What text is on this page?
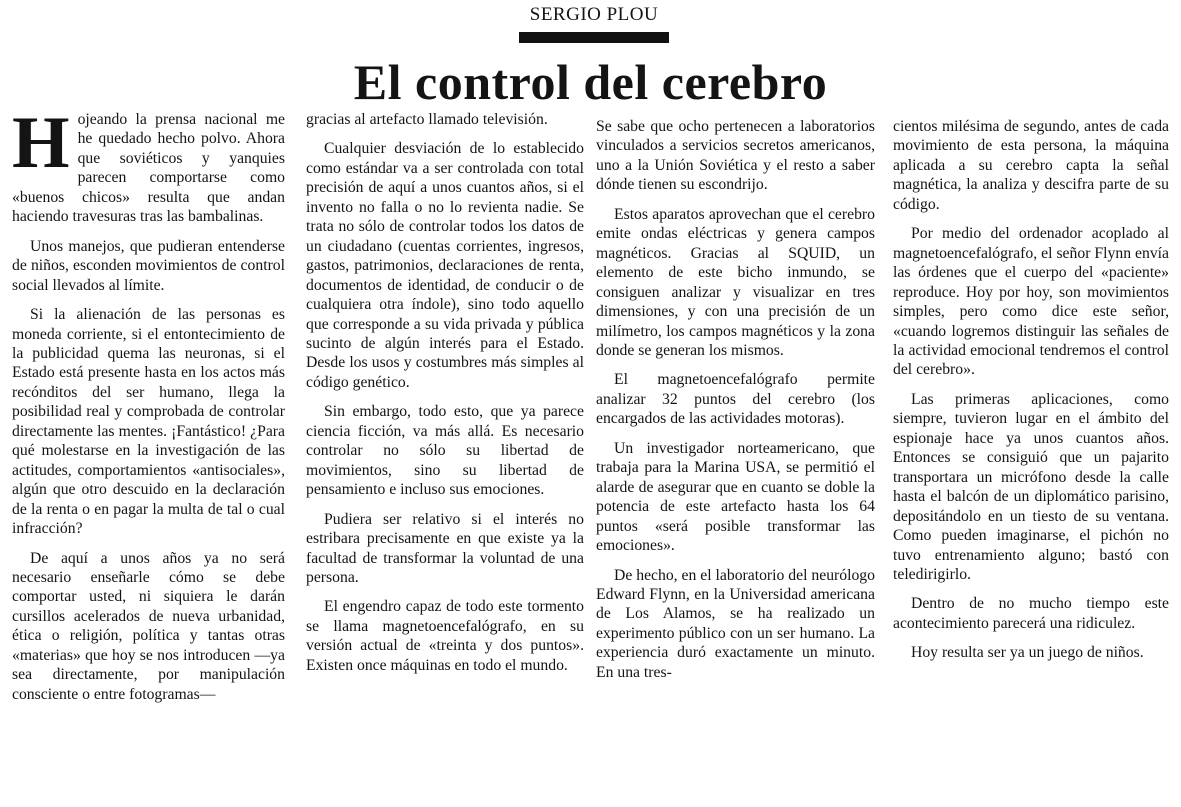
SERGIO PLOU
El control del cerebro

Hojeando la prensa nacional me he quedado hecho polvo. Ahora que soviéticos y yanquies parecen comportarse como «buenos chicos» resulta que andan haciendo travesuras tras las bambalinas.

Unos manejos, que pudieran entenderse de niños, esconden movimientos de control social llevados al límite.

Si la alienación de las personas es moneda corriente, si el entontecimiento de la publicidad quema las neuronas, si el Estado está presente hasta en los actos más recónditos del ser humano, llega la posibilidad real y comprobada de controlar directamente las mentes. ¡Fantástico! ¿Para qué molestarse en la investigación de las actitudes, comportamientos «antisociales», algún que otro descuido en la declaración de la renta o en pagar la multa de tal o cual infracción?

De aquí a unos años ya no será necesario enseñarle cómo se debe comportar usted, ni siquiera le darán cursillos acelerados de nueva urbanidad, ética o religión, política y tantas otras «materias» que hoy se nos introducen —ya sea directamente, por manipulación consciente o entre fotogramas—

gracias al artefacto llamado televisión.

Cualquier desviación de lo establecido como estándar va a ser controlada con total precisión de aquí a unos cuantos años, si el invento no falla o no lo revienta nadie. Se trata no sólo de controlar todos los datos de un ciudadano (cuentas corrientes, ingresos, gastos, patrimonios, declaraciones de renta, documentos de identidad, de conducir o de cualquiera otra índole), sino todo aquello que corresponde a su vida privada y pública sucinto de algún interés para el Estado. Desde los usos y costumbres más simples al código genético.

Sin embargo, todo esto, que ya parece ciencia ficción, va más allá. Es necesario controlar no sólo su libertad de movimientos, sino su libertad de pensamiento e incluso sus emociones.

Pudiera ser relativo si el interés no estribara precisamente en que existe ya la facultad de transformar la voluntad de una persona.

El engendro capaz de todo este tormento se llama magnetoencefalógrafo, en su versión actual de «treinta y dos puntos». Existen once máquinas en todo el mundo.

Se sabe que ocho pertenecen a laboratorios vinculados a servicios secretos americanos, uno a la Unión Soviética y el resto a saber dónde tienen su escondrijo.

Estos aparatos aprovechan que el cerebro emite ondas eléctricas y genera campos magnéticos. Gracias al SQUID, un elemento de este bicho inmundo, se consiguen analizar y visualizar en tres dimensiones, y con una precisión de un milímetro, los campos magnéticos y la zona donde se generan los mismos.

El magnetoencefalógrafo permite analizar 32 puntos del cerebro (los encargados de las actividades motoras).

Un investigador norteamericano, que trabaja para la Marina USA, se permitió el alarde de asegurar que en cuanto se doble la potencia de este artefacto hasta los 64 puntos «será posible transformar las emociones».

De hecho, en el laboratorio del neurólogo Edward Flynn, en la Universidad americana de Los Alamos, se ha realizado un experimento público con un ser humano. La experiencia duró exactamente un minuto. En una tres-

cientos milésima de segundo, antes de cada movimiento de esta persona, la máquina aplicada a su cerebro capta la señal magnética, la analiza y descifra parte de su código.

Por medio del ordenador acoplado al magnetoencefalógrafo, el señor Flynn envía las órdenes que el cuerpo del «paciente» reproduce. Hoy por hoy, son movimientos simples, pero como dice este señor, «cuando logremos distinguir las señales de la actividad emocional tendremos el control del cerebro».

Las primeras aplicaciones, como siempre, tuvieron lugar en el ámbito del espionaje hace ya unos cuantos años. Entonces se consiguió que un pajarito transportara un micrófono desde la calle hasta el balcón de un diplomático parisino, depositándolo en un tiesto de su ventana. Como pueden imaginarse, el pichón no tuvo entrenamiento alguno; bastó con teledirigirlo.

Dentro de no mucho tiempo este acontecimiento parecerá una ridiculez.

Hoy resulta ser ya un juego de niños.
